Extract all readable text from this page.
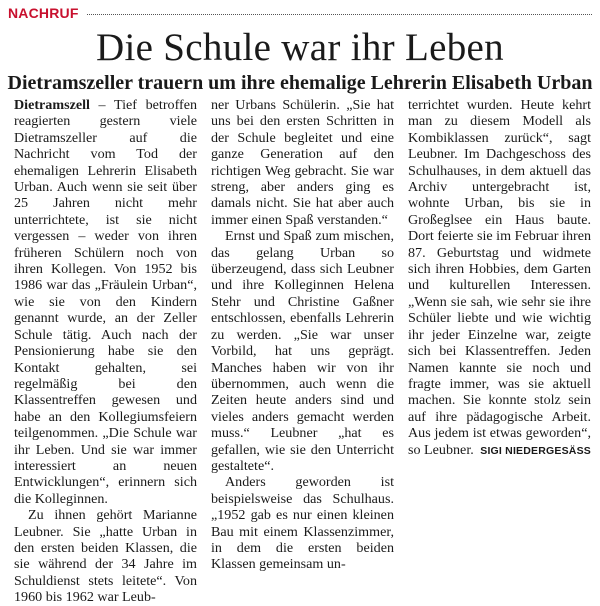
NACHRUF
Die Schule war ihr Leben
Dietramszeller trauern um ihre ehemalige Lehrerin Elisabeth Urban

Dietramszell – Tief betroffen reagierten gestern viele Dietramszeller auf die Nachricht vom Tod der ehemaligen Lehrerin Elisabeth Urban. Auch wenn sie seit über 25 Jahren nicht mehr unterrichtete, ist sie nicht vergessen – weder von ihren früheren Schülern noch von ihren Kollegen. Von 1952 bis 1986 war das „Fräulein Urban“, wie sie von den Kindern genannt wurde, an der Zeller Schule tätig. Auch nach der Pensionierung habe sie den Kontakt gehalten, sei regelmäßig bei den Klassentreffen gewesen und habe an den Kollegiumsfeiern teilgenommen. „Die Schule war ihr Leben. Und sie war immer interessiert an neuen Entwicklungen“, erinnern sich die Kolleginnen.

Zu ihnen gehört Marianne Leubner. Sie „hatte Urban in den ersten beiden Klassen, die sie während der 34 Jahre im Schuldienst stets leitete“. Von 1960 bis 1962 war Leub-

ner Urbans Schülerin. „Sie hat uns bei den ersten Schritten in der Schule begleitet und eine ganze Generation auf den richtigen Weg gebracht. Sie war streng, aber anders ging es damals nicht. Sie hat aber auch immer einen Spaß verstanden.“

Ernst und Spaß zum mischen, das gelang Urban so überzeugend, dass sich Leubner und ihre Kolleginnen Helena Stehr und Christine Gaßner entschlossen, ebenfalls Lehrerin zu werden. „Sie war unser Vorbild, hat uns geprägt. Manches haben wir von ihr übernommen, auch wenn die Zeiten heute anders sind und vieles anders gemacht werden muss.“ Leubner „hat es gefallen, wie sie den Unterricht gestaltete“.

Anders geworden ist beispielsweise das Schulhaus. „1952 gab es nur einen kleinen Bau mit einem Klassenzimmer, in dem die ersten beiden Klassen gemeinsam un-

terrichtet wurden. Heute kehrt man zu diesem Modell als Kombiklassen zurück“, sagt Leubner. Im Dachgeschoss des Schulhauses, in dem aktuell das Archiv untergebracht ist, wohnte Urban, bis sie in Großeglsee ein Haus baute. Dort feierte sie im Februar ihren 87. Geburtstag und widmete sich ihren Hobbies, dem Garten und kulturellen Interessen. „Wenn sie sah, wie sehr sie ihre Schüler liebte und wie wichtig ihr jeder Einzelne war, zeigte sich bei Klassentreffen. Jeden Namen kannte sie noch und fragte immer, was sie aktuell machen. Sie konnte stolz sein auf ihre pädagogische Arbeit. Aus jedem ist etwas geworden“, so Leubner. SIGI NIEDERGESÄSS
